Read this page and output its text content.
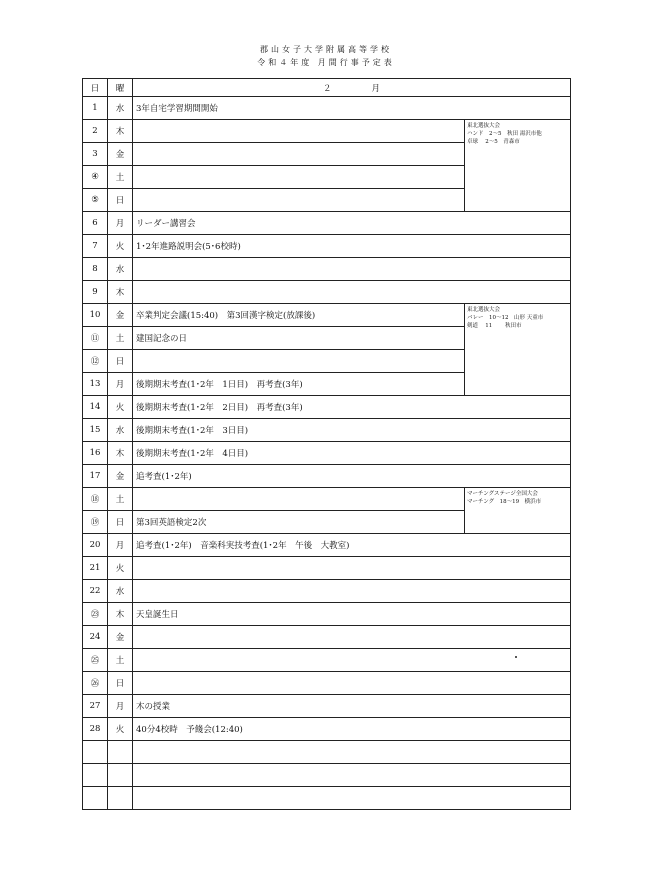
郡山女子大学附属高等学校
令和４年度 月間行事予定表
日	曜	２ 月	
1	水	3年自宅学習期間開始	
2	木		東北選抜大会
ハンド　2～5　秋田 湯沢市他
卓球　 2～5　青森市

3	金		
④	土		
⑤	日		
6	月	リーダー講習会	
7	火	1･2年進路説明会(5･6校時)	
8	水		
9	木		
10	金	卒業判定会議(15:40)　第3回漢字検定(放課後)	東北選抜大会
バレー　10～12　山形 天童市
剣道　 11　　 秋田市

⑪	土	建国記念の日	
⑫	日		
13	月	後期期末考査(1･2年　1日目)　再考査(3年)	
14	火	後期期末考査(1･2年　2日目)　再考査(3年)	
15	水	後期期末考査(1･2年　3日目)	
16	木	後期期末考査(1･2年　4日目)	
17	金	追考査(1･2年)	
⑱	土		マーチングステージ全国大会
マーチング　18～19　横浜市

⑲	日	第3回英語検定2次	
20	月	追考査(1･2年)　音楽科実技考査(1･2年　午後　大教室)	
21	火		
22	水		
㉓	木	天皇誕生日	
24	金		
㉕	土		
㉖	日		
27	月	木の授業	
28	火	40分4校時　予餞会(12:40)	
